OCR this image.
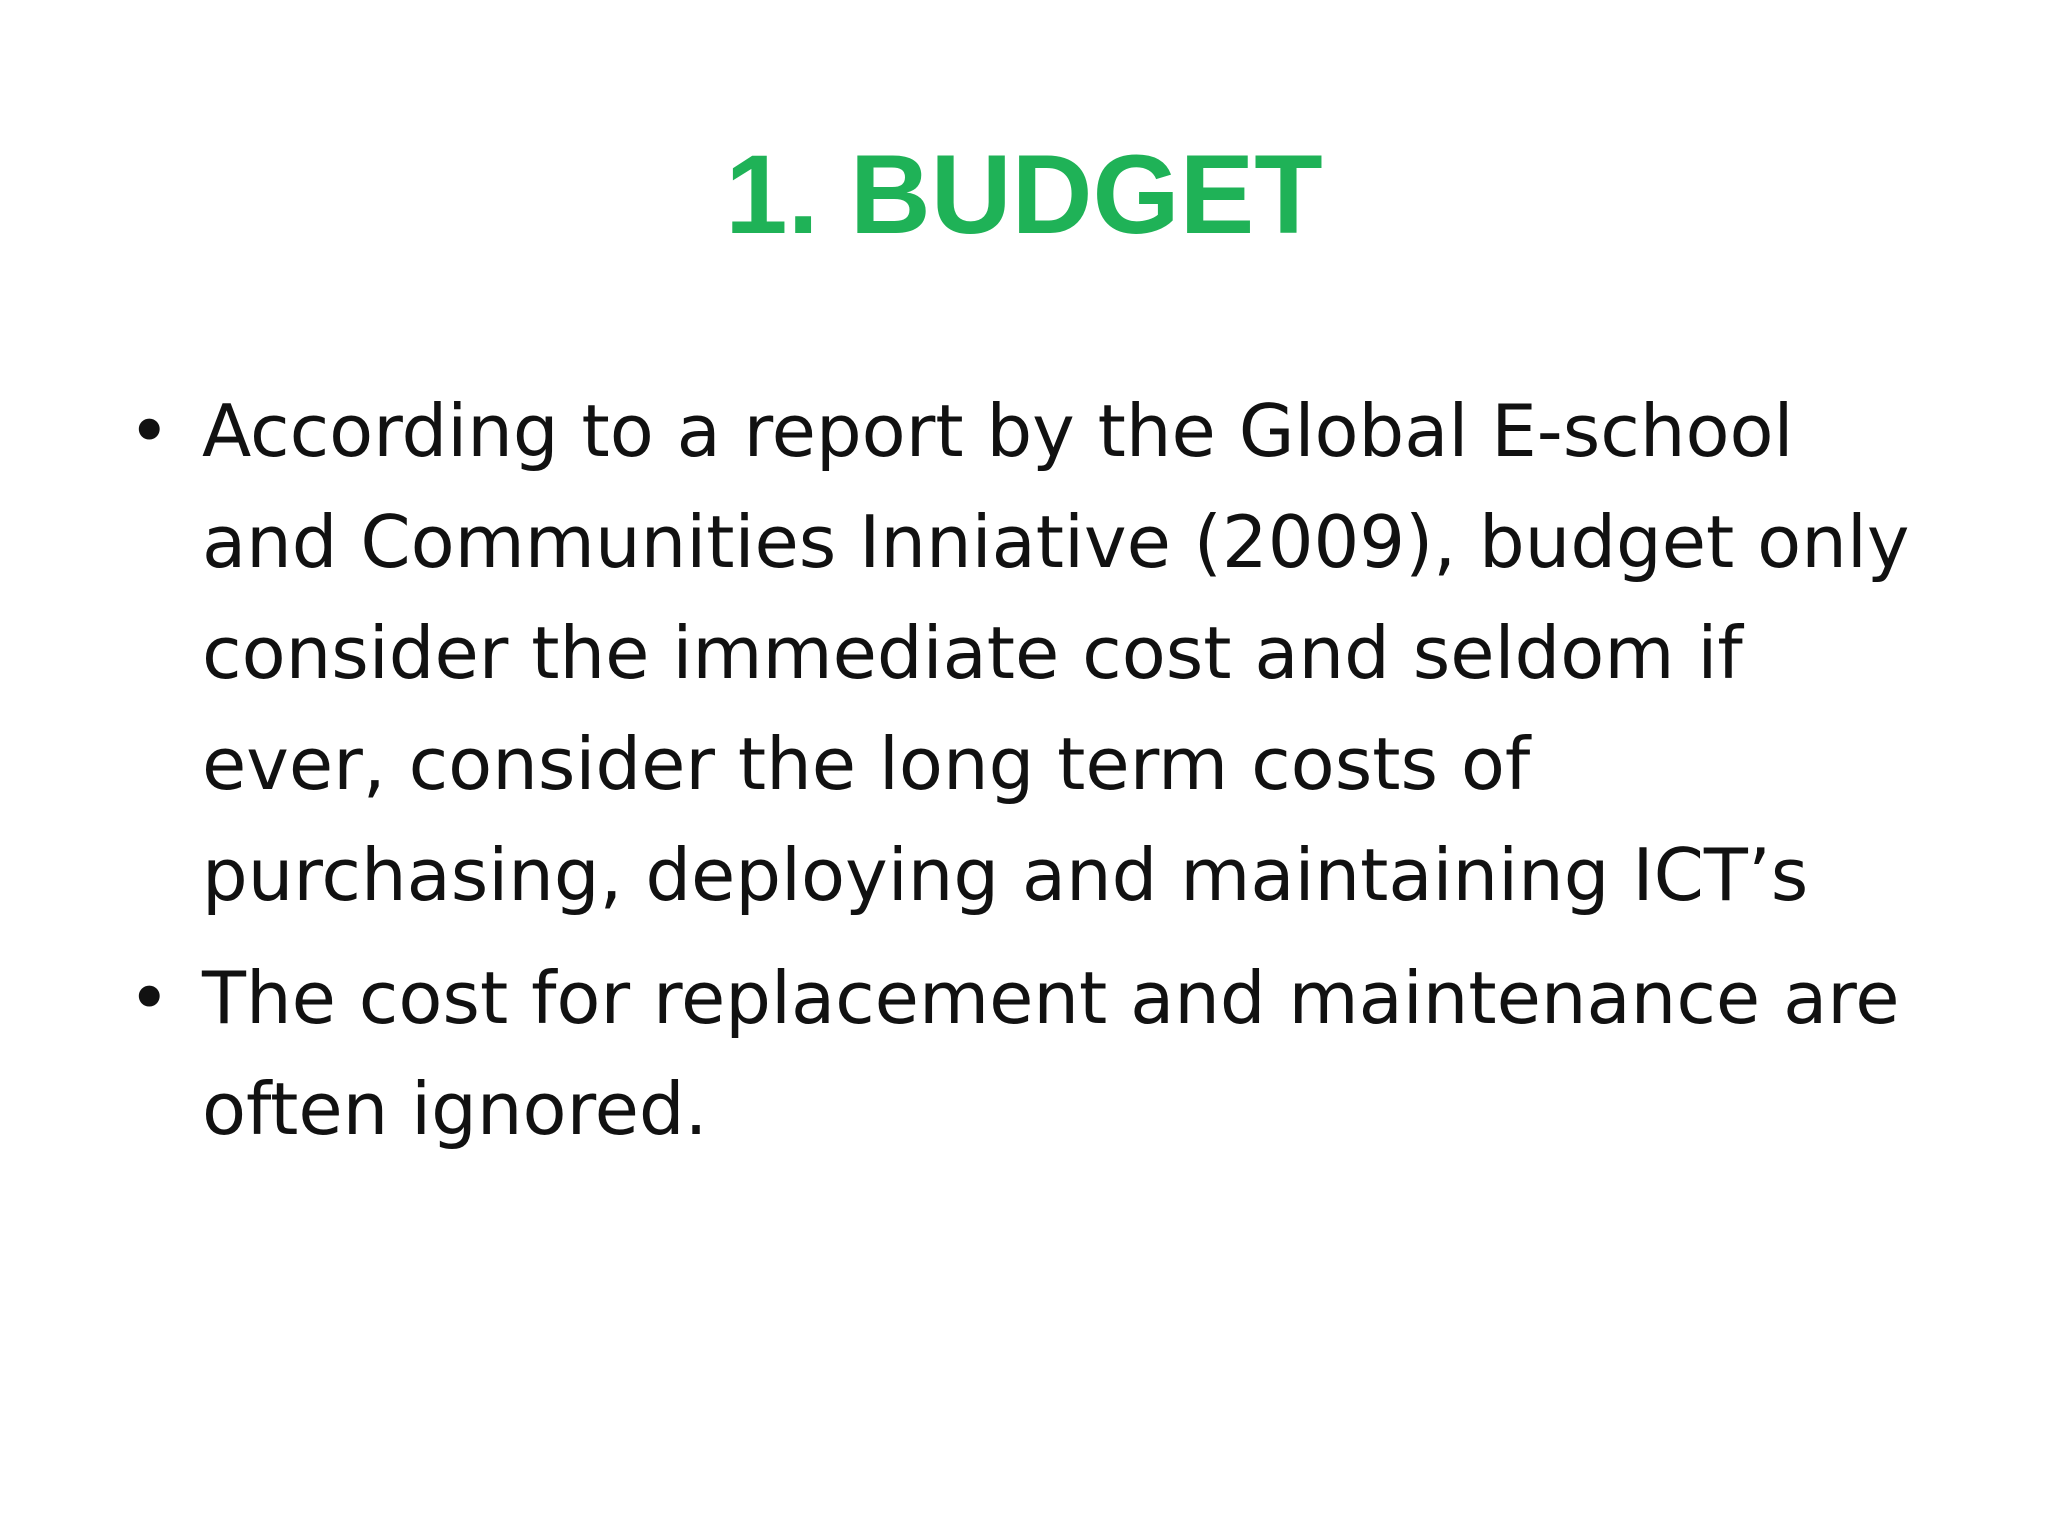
1. BUDGET
• According to a report by the Global E-school and Communities Inniative (2009), budget only consider the immediate cost and seldom if ever, consider the long term costs of purchasing, deploying and maintaining ICT’s
• The cost for replacement and maintenance are often ignored.
